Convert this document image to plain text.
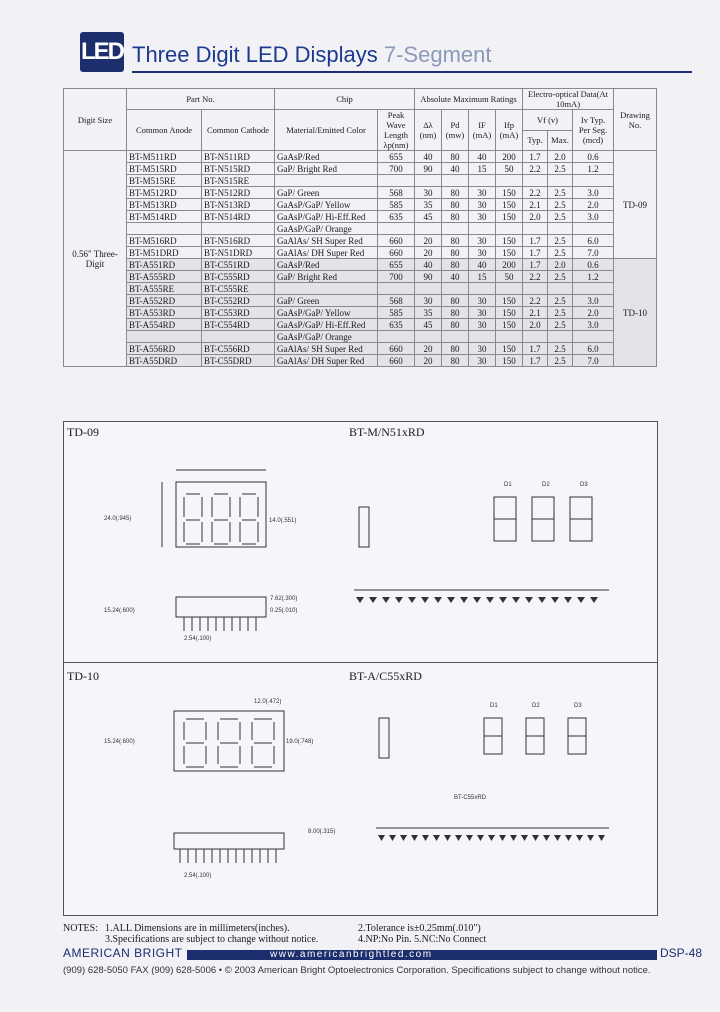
LED Three Digit LED Displays 7-Segment
Digit Size	Part No.		Chip		Absolute Maximum Ratings				Electro-optical Data(At 10mA)			Drawing No.
	Common Anode	Common Cathode	Material/Emitted Color	Peak Wave Length λp(nm)	Δλ (nm)	Pd (mw)	IF (mA)	Ifp (mA)	Vf (v)		Iv Typ. Per Seg. (mcd)	
									Typ.	Max.		
0.56" Three-Digit	BT-M511RD	BT-N511RD	GaAsP/Red	655	40	80	40	200	1.7	2.0	0.6	TD-09
	BT-M515RD	BT-N515RD	GaP/ Bright Red	700	90	40	15	50	2.2	2.5	1.2	
	BT-M515RE	BT-N515RE										
	BT-M512RD	BT-N512RD	GaP/ Green	568	30	80	30	150	2.2	2.5	3.0	
	BT-M513RD	BT-N513RD	GaAsP/GaP/ Yellow	585	35	80	30	150	2.1	2.5	2.0	
	BT-M514RD	BT-N514RD	GaAsP/GaP/ Hi-Eff.Red	635	45	80	30	150	2.0	2.5	3.0	
			GaAsP/GaP/ Orange									
	BT-M516RD	BT-N516RD	GaAlAs/ SH Super Red	660	20	80	30	150	1.7	2.5	6.0	
	BT-M51DRD	BT-N51DRD	GaAlAs/ DH Super Red	660	20	80	30	150	1.7	2.5	7.0	
	BT-A551RD	BT-C551RD	GaAsP/Red	655	40	80	40	200	1.7	2.0	0.6	TD-10
	BT-A555RD	BT-C555RD	GaP/ Bright Red	700	90	40	15	50	2.2	2.5	1.2	
	BT-A555RE	BT-C555RE										
	BT-A552RD	BT-C552RD	GaP/ Green	568	30	80	30	150	2.2	2.5	3.0	
	BT-A553RD	BT-C553RD	GaAsP/GaP/ Yellow	585	35	80	30	150	2.1	2.5	2.0	
	BT-A554RD	BT-C554RD	GaAsP/GaP/ Hi-Eff.Red	635	45	80	30	150	2.0	2.5	3.0	
			GaAsP/GaP/ Orange									
	BT-A556RD	BT-C556RD	GaAlAs/ SH Super Red	660	20	80	30	150	1.7	2.5	6.0	
	BT-A55DRD	BT-C55DRD	GaAlAs/ DH Super Red	660	20	80	30	150	1.7	2.5	7.0	
TD-09	BT-M/N51xRD
24.0(.945)	14.0(.551)
15.24(.600)
7.62(.300)
0.25(.010)
2.54(.100)
D1	D2	D3
TD-10	BT-A/C55xRD
12.0(.472)
19.0(.748)
15.24(.600)
8.00(.315)
2.54(.100)
BT-C55xRD
D1	D2	D3
NOTES: 1.ALL Dimensions are in millimeters(inches).	2.Tolerance is±0.25mm(.010")
3.Specifications are subject to change without notice.	4.NP:No Pin. 5.NC:No Connect
AMERICAN BRIGHT	www.americanbrightled.com	DSP-48
(909) 628-5050 FAX (909) 628-5006 • © 2003 American Bright Optoelectronics Corporation. Specifications subject to change without notice.
